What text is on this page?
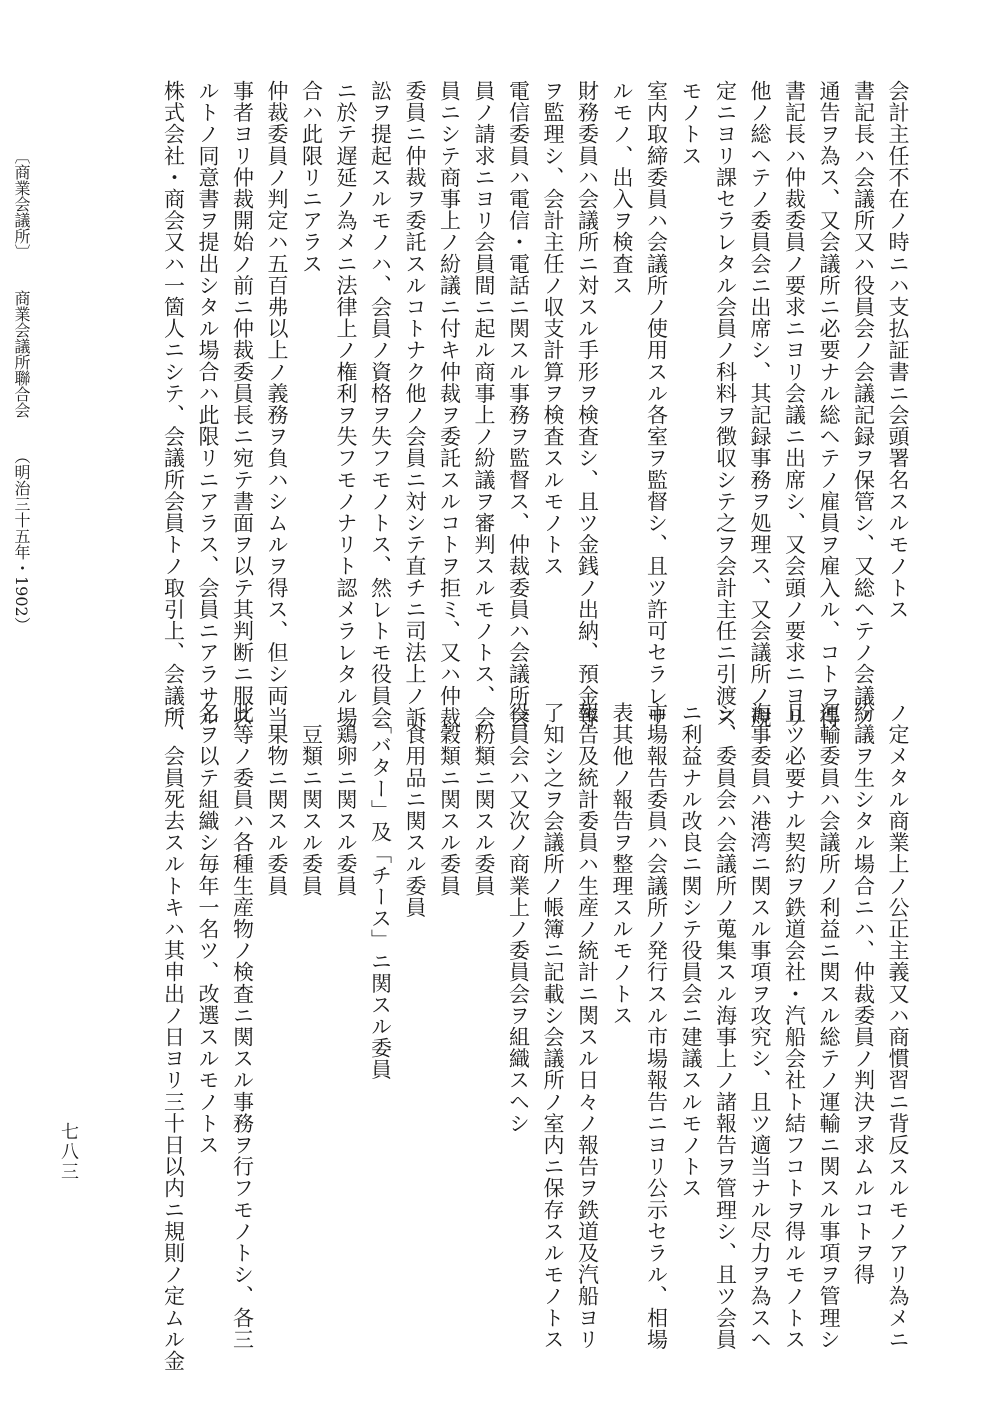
会計主任不在ノ時ニハ支払証書ニ会頭署名スルモノトス
書記長ハ会議所又ハ役員会ノ会議記録ヲ保管シ、又総ヘテノ会議ノ
通告ヲ為ス、又会議所ニ必要ナル総ヘテノ雇員ヲ雇入ル、コトヲ得
書記長ハ仲裁委員ノ要求ニヨリ会議ニ出席シ、又会頭ノ要求ニヨリ
他ノ総ヘテノ委員会ニ出席シ、其記録事務ヲ処理ス、又会議所ノ規
定ニヨリ課セラレタル会員ノ科料ヲ徴収シテ之ヲ会計主任ニ引渡ス
モノトス
室内取締委員ハ会議所ノ使用スル各室ヲ監督シ、且ツ許可セラレサ
ルモノ、出入ヲ検査ス
財務委員ハ会議所ニ対スル手形ヲ検査シ、且ツ金銭ノ出納、預金等
ヲ監理シ、会計主任ノ収支計算ヲ検査スルモノトス
電信委員ハ電信・電話ニ関スル事務ヲ監督ス、仲裁委員ハ会議所会
員ノ請求ニヨリ会員間ニ起ル商事上ノ紛議ヲ審判スルモノトス、会
員ニシテ商事上ノ紛議ニ付キ仲裁ヲ委託スルコトヲ拒ミ、又ハ仲裁
委員ニ仲裁ヲ委託スルコトナク他ノ会員ニ対シテ直チニ司法上ノ訴
訟ヲ提起スルモノハ、会員ノ資格ヲ失フモノトス、然レトモ役員会
ニ於テ遅延ノ為メニ法律上ノ権利ヲ失フモノナリト認メラレタル場
合ハ此限リニアラス
仲裁委員ノ判定ハ五百弗以上ノ義務ヲ負ハシムルヲ得ス、但シ両当
事者ヨリ仲裁開始ノ前ニ仲裁委員長ニ宛テ書面ヲ以テ其判断ニ服ス
ルトノ同意書ヲ提出シタル場合ハ此限リニアラス、会員ニアラサル
株式会社・商会又ハ一箇人ニシテ、会議所会員トノ取引上、会議所
ノ定メタル商業上ノ公正主義又ハ商慣習ニ背反スルモノアリ為メニ
紛議ヲ生シタル場合ニハ、仲裁委員ノ判決ヲ求ムルコトヲ得
運輸委員ハ会議所ノ利益ニ関スル総テノ運輸ニ関スル事項ヲ管理シ
且ツ必要ナル契約ヲ鉄道会社・汽船会社ト結フコトヲ得ルモノトス
海事委員ハ港湾ニ関スル事項ヲ攻究シ、且ツ適当ナル尽力ヲ為スヘ
シ、委員会ハ会議所ノ蒐集スル海事上ノ諸報告ヲ管理シ、且ツ会員
ニ利益ナル改良ニ関シテ役員会ニ建議スルモノトス
市場報告委員ハ会議所ノ発行スル市場報告ニヨリ公示セラル、相場
表其他ノ報告ヲ整理スルモノトス
報告及統計委員ハ生産ノ統計ニ関スル日々ノ報告ヲ鉄道及汽船ヨリ
了知シ之ヲ会議所ノ帳簿ニ記載シ会議所ノ室内ニ保存スルモノトス
役員会ハ又次ノ商業上ノ委員会ヲ組織スヘシ
　粉類ニ関スル委員
　穀類ニ関スル委員
　食用品ニ関スル委員
　「バター」及「チース」ニ関スル委員
　鶏卵ニ関スル委員
　豆類ニ関スル委員
　果物ニ関スル委員
此等ノ委員ハ各種生産物ノ検査ニ関スル事務ヲ行フモノトシ、各三
名ヲ以テ組織シ毎年一名ツ、改選スルモノトス
一、会員死去スルトキハ其申出ノ日ヨリ三十日以内ニ規則ノ定ムル金
七八三
〔商業会議所〕商業会議所聯合会（明治三十五年・1902）
